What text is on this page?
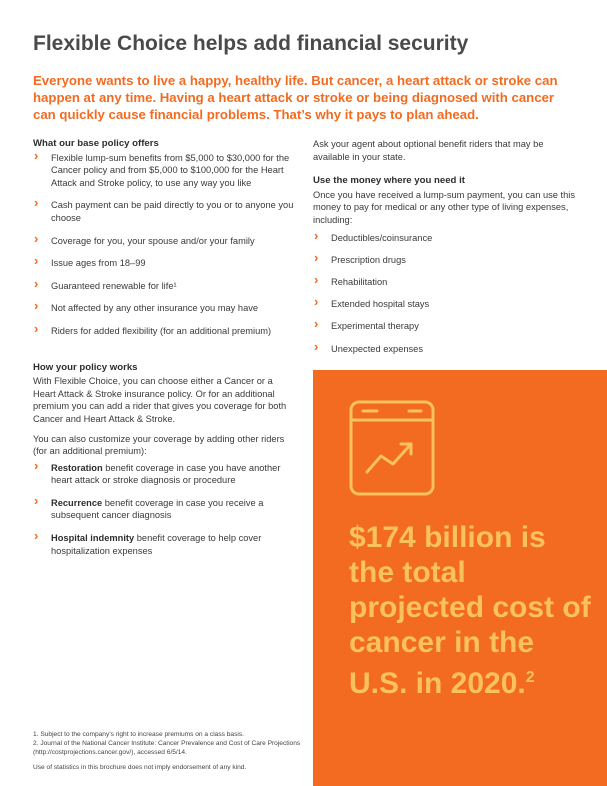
Flexible Choice helps add financial security

Everyone wants to live a happy, healthy life. But cancer, a heart attack or stroke can happen at any time. Having a heart attack or stroke or being diagnosed with cancer can quickly cause financial problems. That’s why it pays to plan ahead.

What our base policy offers
› Flexible lump-sum benefits from $5,000 to $30,000 for the Cancer policy and from $5,000 to $100,000 for the Heart Attack and Stroke policy, to use any way you like
› Cash payment can be paid directly to you or to anyone you choose
› Coverage for you, your spouse and/or your family
› Issue ages from 18–99
› Guaranteed renewable for life¹
› Not affected by any other insurance you may have
› Riders for added flexibility (for an additional premium)
How your policy works

With Flexible Choice, you can choose either a Cancer or a Heart Attack & Stroke insurance policy. Or for an additional premium you can add a rider that gives you coverage for both Cancer and Heart Attack & Stroke.

You can also customize your coverage by adding other riders (for an additional premium):

› Restoration benefit coverage in case you have another heart attack or stroke diagnosis or procedure
› Recurrence benefit coverage in case you receive a subsequent cancer diagnosis
› Hospital indemnity benefit coverage to help cover hospitalization expenses

Ask your agent about optional benefit riders that may be available in your state.

Use the money where you need it

Once you have received a lump-sum payment, you can use this money to pay for medical or any other type of living expenses, including:

› Deductibles/coinsurance
› Prescription drugs
› Rehabilitation
› Extended hospital stays
› Experimental therapy
› Unexpected expenses

$174 billion is the total projected cost of cancer in the U.S. in 2020.$^2$

1. Subject to the company’s right to increase premiums on a class basis.
2. Journal of the National Cancer Institute: Cancer Prevalence and Cost of Care Projections (http://costprojections.cancer.gov/), accessed 6/5/14.
Use of statistics in this brochure does not imply endorsement of any kind.
